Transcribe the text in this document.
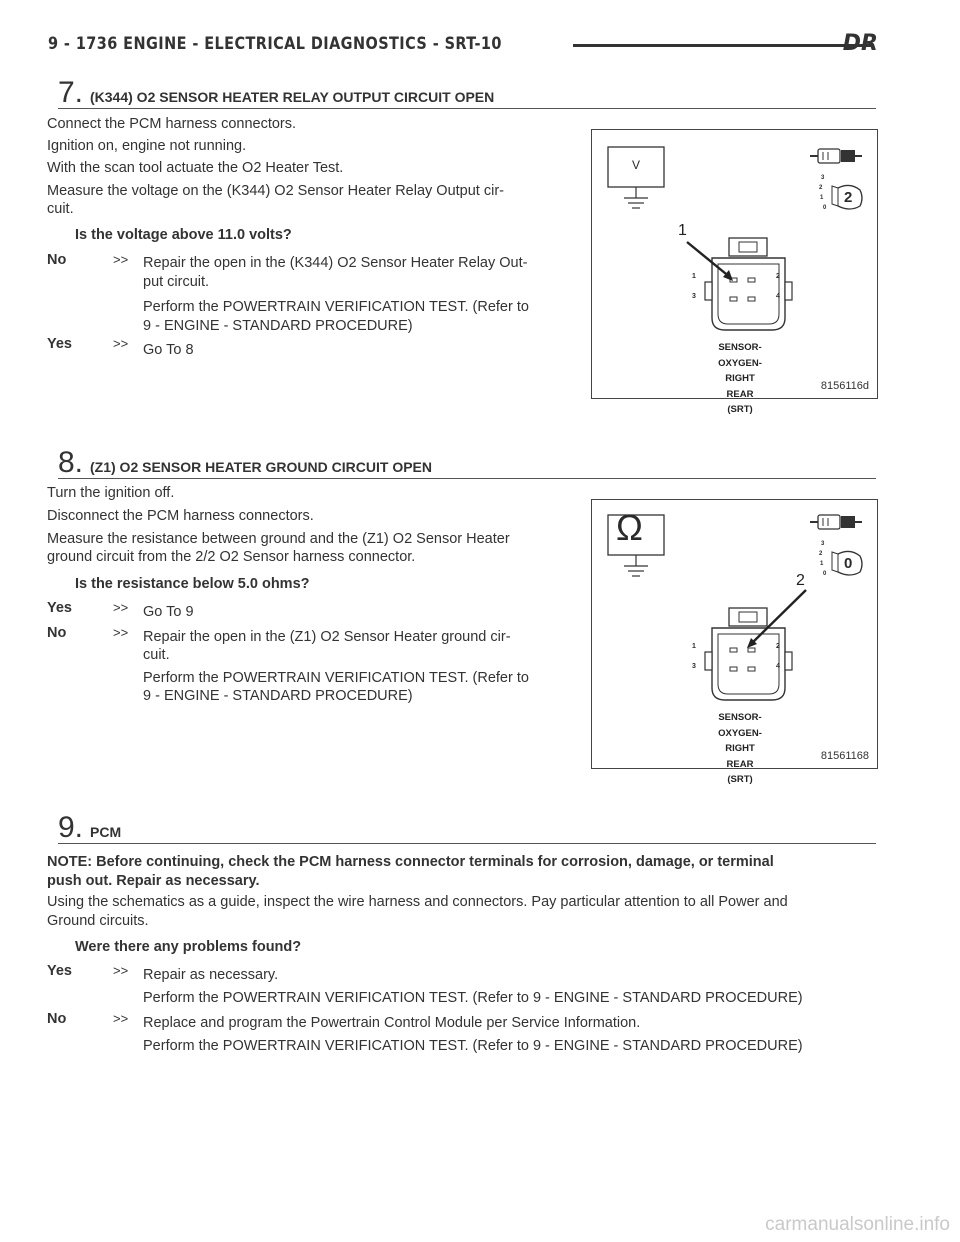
9 - 1736 ENGINE - ELECTRICAL DIAGNOSTICS - SRT-10	DR
7. (K344) O2 SENSOR HEATER RELAY OUTPUT CIRCUIT OPEN

Connect the PCM harness connectors.

Ignition on, engine not running.

With the scan tool actuate the O2 Heater Test.

Measure the voltage on the (K344) O2 Sensor Heater Relay Output cir-

cuit.

Is the voltage above 11.0 volts?

No	>> Repair the open in the (K344) O2 Sensor Heater Relay Out-

put circuit.

Perform the POWERTRAIN VERIFICATION TEST. (Refer to

9 - ENGINE - STANDARD PROCEDURE)

Yes	>> Go To 8

1
V
2
3
2
1
0
1	2
3	4
SENSOR-
OXYGEN-
RIGHT
REAR
(SRT)
8156116d
8. (Z1) O2 SENSOR HEATER GROUND CIRCUIT OPEN

Turn the ignition off.

Disconnect the PCM harness connectors.

Measure the resistance between ground and the (Z1) O2 Sensor Heater

ground circuit from the 2/2 O2 Sensor harness connector.

Is the resistance below 5.0 ohms?

Yes	>> Go To 9

No	>> Repair the open in the (Z1) O2 Sensor Heater ground cir-

cuit.

Perform the POWERTRAIN VERIFICATION TEST. (Refer to

9 - ENGINE - STANDARD PROCEDURE)

Ω
2
0
3
2
1
0
1	2
3	4
SENSOR-
OXYGEN-
RIGHT
REAR
(SRT)
81561168
9. PCM

NOTE: Before continuing, check the PCM harness connector terminals for corrosion, damage, or terminal

push out. Repair as necessary.

Using the schematics as a guide, inspect the wire harness and connectors. Pay particular attention to all Power and

Ground circuits.

Were there any problems found?

Yes	>> Repair as necessary.

Perform the POWERTRAIN VERIFICATION TEST. (Refer to 9 - ENGINE - STANDARD PROCEDURE)

No	>> Replace and program the Powertrain Control Module per Service Information.

Perform the POWERTRAIN VERIFICATION TEST. (Refer to 9 - ENGINE - STANDARD PROCEDURE)

carmanualsonline.info
